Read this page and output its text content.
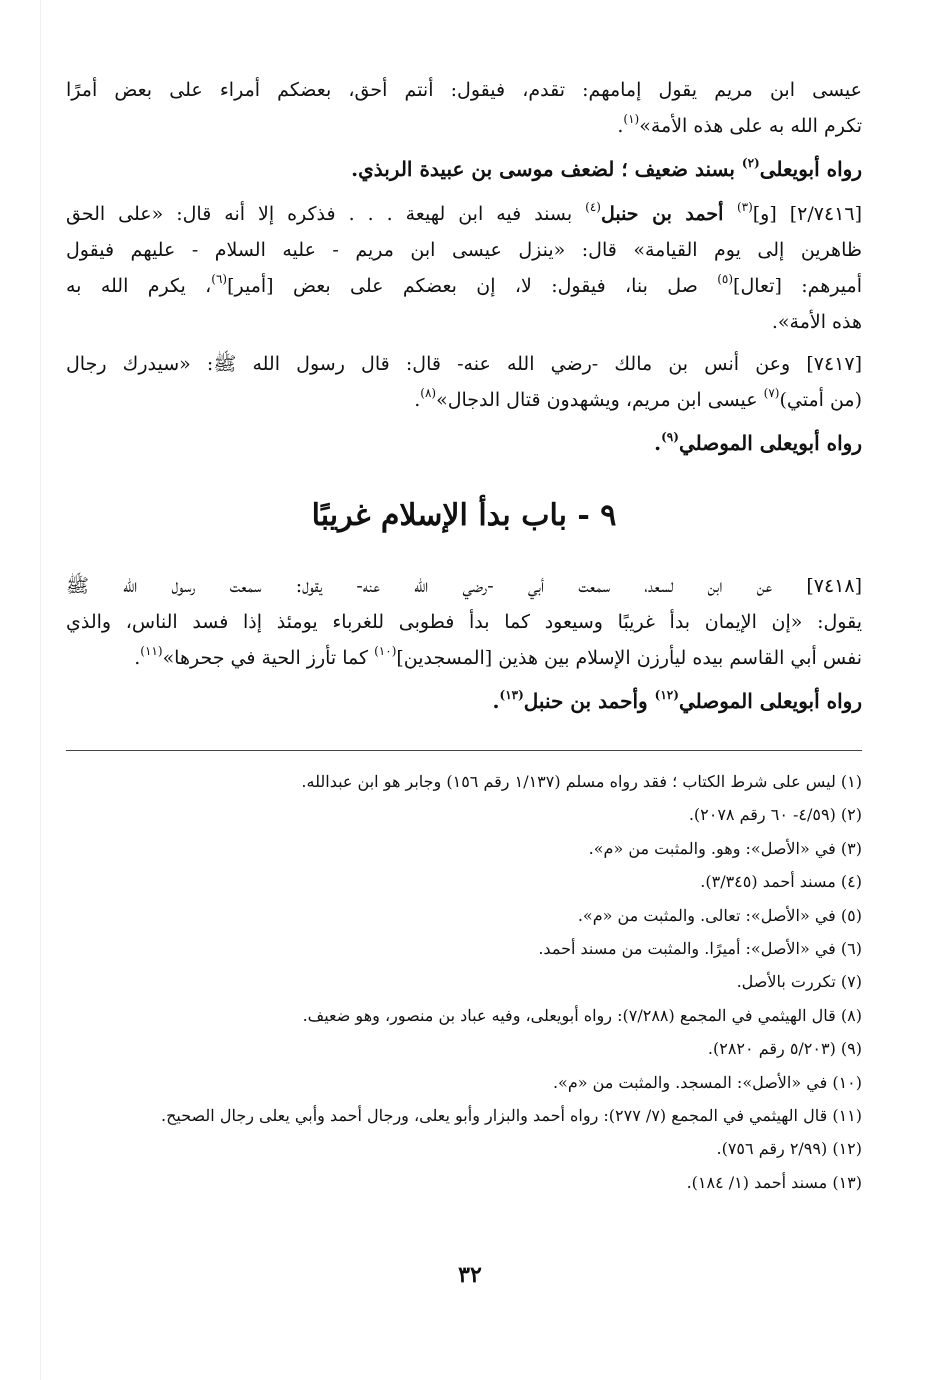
عيسى ابن مريم يقول إمامهم: تقدم، فيقول: أنتم أحق، بعضكم أمراء على بعض أمرًا
تكرم الله به على هذه الأمة»$^{(١)}$.
رواه أبويعلى$^{(٢)}$ بسند ضعيف ؛ لضعف موسى بن عبيدة الربذي.
[٢/٧٤١٦] [و]$^{(٣)}$ أحمد بن حنبل$^{(٤)}$ بسند فيه ابن لهيعة . . . فذكره إلا أنه قال: «على الحق
ظاهرين إلى يوم القيامة» قال: «ينزل عيسى ابن مريم - عليه السلام - عليهم فيقول
أميرهم: [تعال]$^{(٥)}$ صل بنا، فيقول: لا، إن بعضكم على بعض [أمير]$^{(٦)}$، يكرم الله به
هذه الأمة».
[٧٤١٧] وعن أنس بن مالك -رضي الله عنه- قال: قال رسول الله ﷺ: «سيدرك رجال
(من أمتي)$^{(٧)}$ عيسى ابن مريم، ويشهدون قتال الدجال»$^{(٨)}$.
رواه أبويعلى الموصلي$^{(٩)}$.
٩ - باب بدأ الإسلام غريبًا
[٧٤١٨] عن ابن لسعد، سمعت أبي -رضي الله عنه- يقول: سمعت رسول الله ﷺ
يقول: «إن الإيمان بدأ غريبًا وسيعود كما بدأ فطوبى للغرباء يومئذ إذا فسد الناس، والذي
نفس أبي القاسم بيده ليأرزن الإسلام بين هذين [المسجدين]$^{(١٠)}$ كما تأرز الحية في جحرها»$^{(١١)}$.
رواه أبويعلى الموصلي$^{(١٢)}$ وأحمد بن حنبل$^{(١٣)}$.
(١) ليس على شرط الكتاب ؛ فقد رواه مسلم (١/١٣٧ رقم ١٥٦) وجابر هو ابن عبدالله.
(٢) (٤/٥٩- ٦٠ رقم ٢٠٧٨).
(٣) في «الأصل»: وهو. والمثبت من «م».
(٤) مسند أحمد (٣/٣٤٥).
(٥) في «الأصل»: تعالى. والمثبت من «م».
(٦) في «الأصل»: أميرًا. والمثبت من مسند أحمد.
(٧) تكررت بالأصل.
(٨) قال الهيثمي في المجمع (٧/٢٨٨): رواه أبويعلى، وفيه عباد بن منصور، وهو ضعيف.
(٩) (٥/٢٠٣ رقم ٢٨٢٠).
(١٠) في «الأصل»: المسجد. والمثبت من «م».
(١١) قال الهيثمي في المجمع (٧/ ٢٧٧): رواه أحمد والبزار وأبو يعلى، ورجال أحمد وأبي يعلى رجال الصحيح.
(١٢) (٢/٩٩ رقم ٧٥٦).
(١٣) مسند أحمد (١/ ١٨٤).
٣٢
